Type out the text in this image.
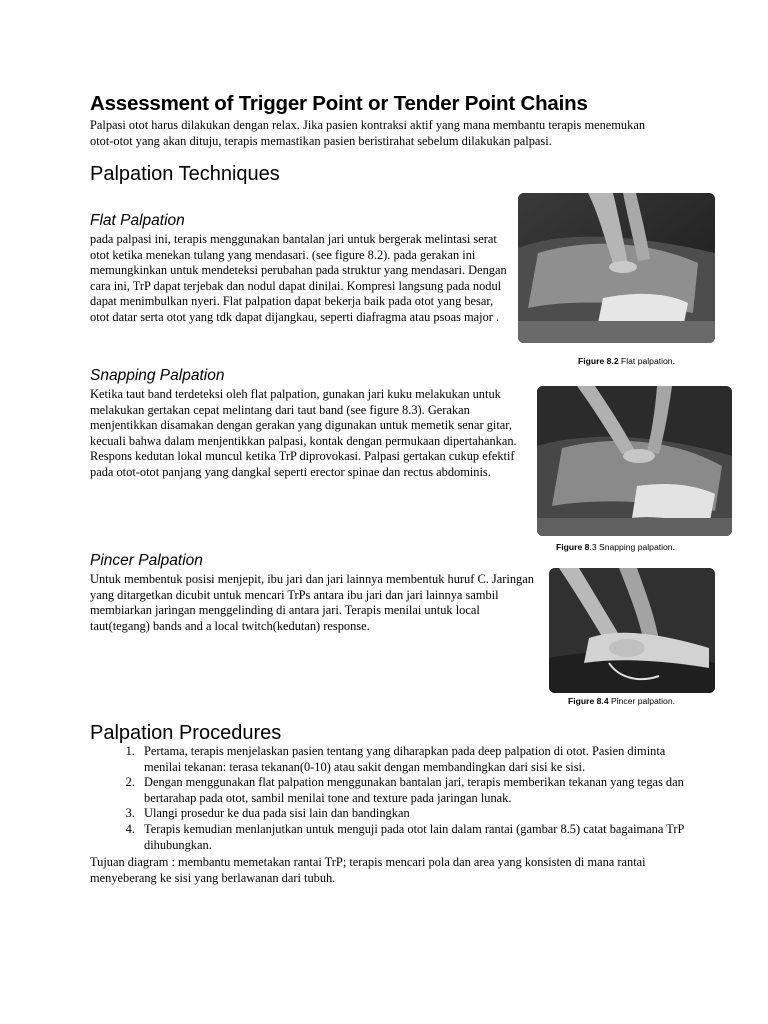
Assessment of Trigger Point or Tender Point Chains

Palpasi otot harus dilakukan dengan relax. Jika pasien kontraksi aktif yang mana membantu terapis menemukan otot-otot yang akan dituju, terapis memastikan pasien beristirahat sebelum dilakukan palpasi.

Palpation Techniques
Flat Palpation

pada palpasi ini, terapis menggunakan bantalan jari untuk bergerak melintasi serat otot ketika menekan tulang yang mendasari. (see figure 8.2). pada gerakan ini memungkinkan untuk mendeteksi perubahan pada struktur yang mendasari. Dengan cara ini, TrP dapat terjebak dan nodul dapat dinilai. Kompresi langsung pada nodul dapat menimbulkan nyeri. Flat palpation dapat bekerja baik pada otot yang besar, otot datar serta otot yang tdk dapat dijangkau, seperti diafragma atau psoas major .

Figure 8.2 Flat palpation.
Snapping Palpation

Ketika taut band terdeteksi oleh flat palpation, gunakan jari kuku melakukan untuk melakukan gertakan cepat melintang dari taut band (see figure 8.3). Gerakan menjentikkan disamakan dengan gerakan yang digunakan untuk memetik senar gitar, kecuali bahwa dalam menjentikkan palpasi, kontak dengan permukaan dipertahankan. Respons kedutan lokal muncul ketika TrP diprovokasi. Palpasi gertakan cukup efektif pada otot-otot panjang yang dangkal seperti erector spinae dan rectus abdominis.

Figure 8.3 Snapping palpation.
Pincer Palpation

Untuk membentuk posisi menjepit, ibu jari dan jari lainnya membentuk huruf C. Jaringan yang ditargetkan dicubit untuk mencari TrPs antara ibu jari dan jari lainnya sambil membiarkan jaringan menggelinding di antara jari. Terapis menilai untuk local taut(tegang) bands and a local twitch(kedutan) response.

Figure 8.4 Pincer palpation.
Palpation Procedures
1. Pertama, terapis menjelaskan pasien tentang yang diharapkan pada deep palpation di otot. Pasien diminta menilai tekanan: terasa tekanan(0-10) atau sakit dengan membandingkan dari sisi ke sisi.
2. Dengan menggunakan flat palpation menggunakan bantalan jari, terapis memberikan tekanan yang tegas dan bertarahap pada otot, sambil menilai tone and texture pada jaringan lunak.
3. Ulangi prosedur ke dua pada sisi lain dan bandingkan
4. Terapis kemudian menlanjutkan untuk menguji pada otot lain dalam rantai (gambar 8.5) catat bagaimana TrP dihubungkan.

Tujuan diagram : membantu memetakan rantai TrP; terapis mencari pola dan area yang konsisten di mana rantai menyeberang ke sisi yang berlawanan dari tubuh.
